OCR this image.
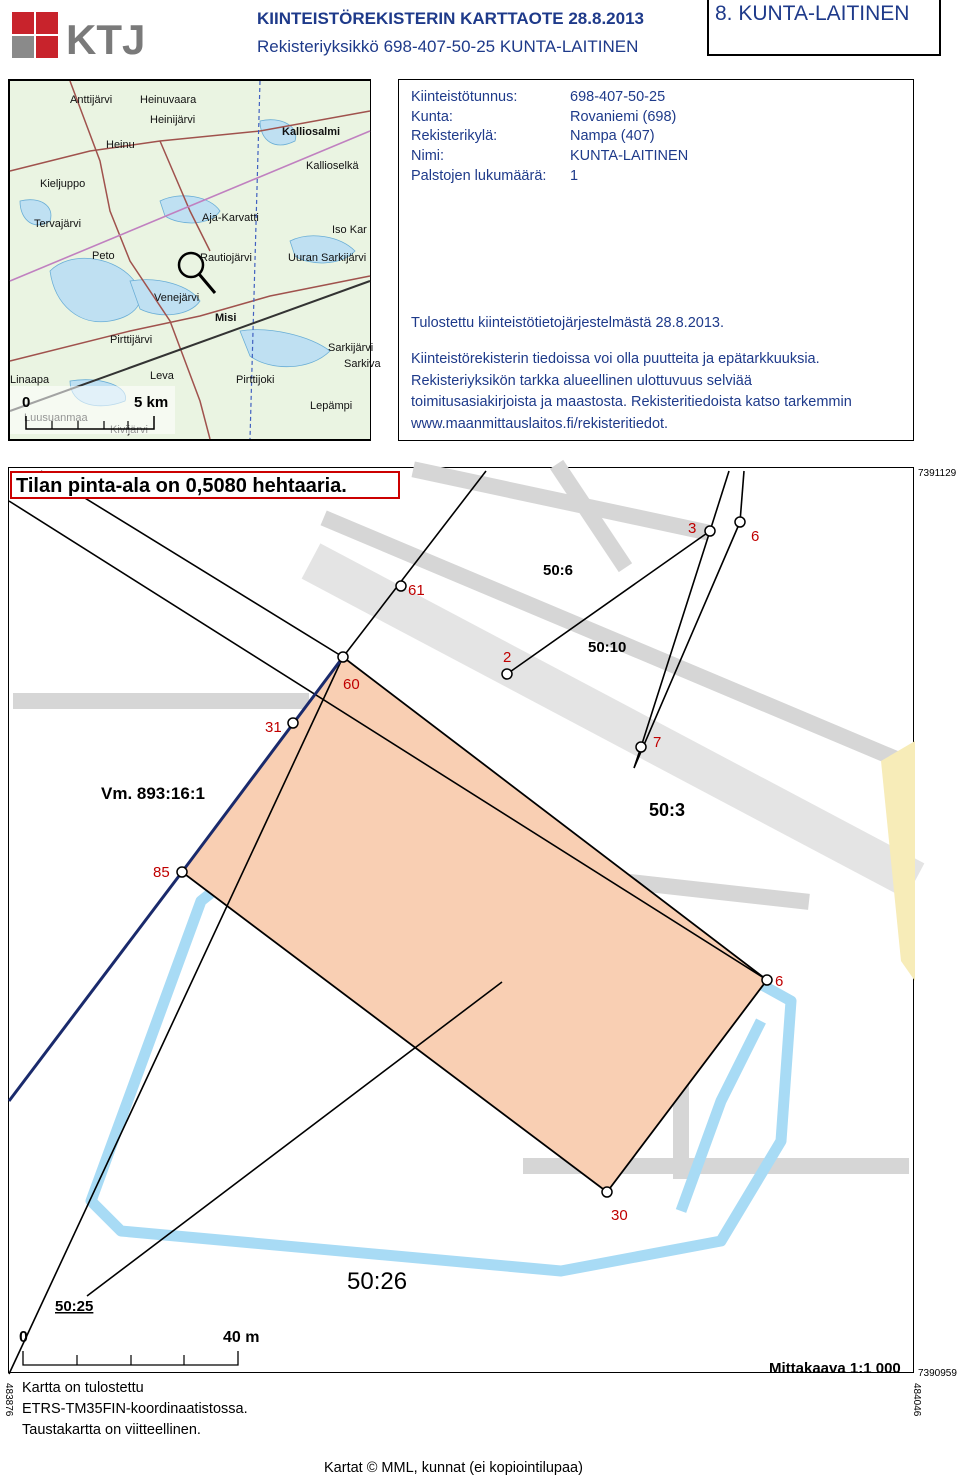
KTJ	KIINTEISTÖREKISTERIN KARTTAOTE 28.8.2013
Rekisteriyksikkö 698-407-50-25 KUNTA-LAITINEN
8. KUNTA-LAITINEN
Anttijärvi	Heinuvaara
Heinijärvi
Kalliosalmi
Heinu
Kieljuppo
Tervajärvi	Aja-Karvatti
Iso Kar
Kallioselkä
Peto	Rautiojärvi	Uuran Sarkijärvi
Venejärvi
Misi
Pirttijärvi
Leva	Pirttijoki
Sarkijärvi
Linaapa
Sarkiva
Lepämpi
0	5 km
Kiinteistötunnus:	698-407-50-25
Kunta:	Rovaniemi (698)
Rekisterikylä:	Nampa (407)
Nimi:	KUNTA-LAITINEN
Palstojen lukumäärä: 1
Tulostettu kiinteistötietojärjestelmästä 28.8.2013.
Kiinteistörekisterin tiedoissa voi olla puutteita ja epätarkkuuksia.
Rekisteriyksikön tarkka alueellinen ulottuvuus selviää
toimitusasiakirjoista ja maastosta. Rekisteritiedoista katso tarkemmin
www.maanmittauslaitos.fi/rekisteritiedot.
3	6
61
2
60
31
7
85
6
30
50:6
50:10
50:3
50:26
50:25
Vm. 893:16:1
0	40 m
Mittakaava 1:1 000
Tilan pinta-ala on 0,5080 hehtaaria.
7391129
7390959
483876	484046
Kartta on tulostettu
ETRS-TM35FIN-koordinaatistossa.
Taustakartta on viitteellinen.
Kartat © MML, kunnat (ei kopiointilupaa)
